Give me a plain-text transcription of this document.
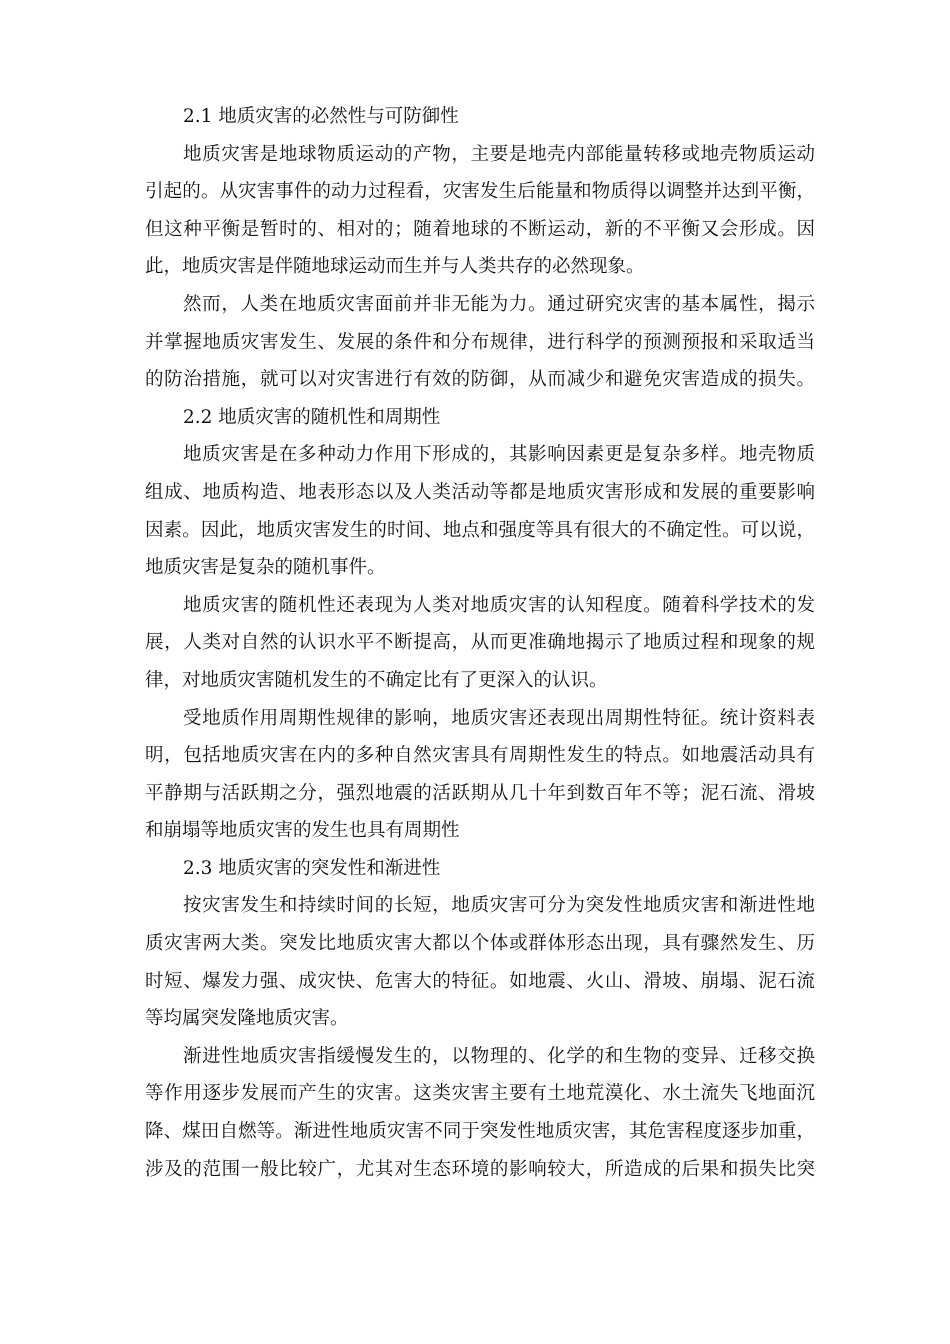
2.1 地质灾害的必然性与可防御性
地质灾害是地球物质运动的产物，主要是地壳内部能量转移或地壳物质运动
引起的。从灾害事件的动力过程看，灾害发生后能量和物质得以调整并达到平衡，
但这种平衡是暂时的、相对的；随着地球的不断运动，新的不平衡又会形成。因
此，地质灾害是伴随地球运动而生并与人类共存的必然现象。
然而，人类在地质灾害面前并非无能为力。通过研究灾害的基本属性，揭示
并掌握地质灾害发生、发展的条件和分布规律，进行科学的预测预报和采取适当
的防治措施，就可以对灾害进行有效的防御，从而减少和避免灾害造成的损失。
2.2 地质灾害的随机性和周期性
地质灾害是在多种动力作用下形成的，其影响因素更是复杂多样。地壳物质
组成、地质构造、地表形态以及人类活动等都是地质灾害形成和发展的重要影响
因素。因此，地质灾害发生的时间、地点和强度等具有很大的不确定性。可以说，
地质灾害是复杂的随机事件。
地质灾害的随机性还表现为人类对地质灾害的认知程度。随着科学技术的发
展，人类对自然的认识水平不断提高，从而更准确地揭示了地质过程和现象的规
律，对地质灾害随机发生的不确定比有了更深入的认识。
受地质作用周期性规律的影响，地质灾害还表现出周期性特征。统计资料表
明，包括地质灾害在内的多种自然灾害具有周期性发生的特点。如地震活动具有
平静期与活跃期之分，强烈地震的活跃期从几十年到数百年不等；泥石流、滑坡
和崩塌等地质灾害的发生也具有周期性
2.3 地质灾害的突发性和渐进性
按灾害发生和持续时间的长短，地质灾害可分为突发性地质灾害和渐进性地
质灾害两大类。突发比地质灾害大都以个体或群体形态出现，具有骤然发生、历
时短、爆发力强、成灾快、危害大的特征。如地震、火山、滑坡、崩塌、泥石流
等均属突发隆地质灾害。
渐进性地质灾害指缓慢发生的，以物理的、化学的和生物的变异、迁移交换
等作用逐步发展而产生的灾害。这类灾害主要有土地荒漠化、水土流失飞地面沉
降、煤田自燃等。渐进性地质灾害不同于突发性地质灾害，其危害程度逐步加重，
涉及的范围一般比较广，尤其对生态环境的影响较大，所造成的后果和损失比突
